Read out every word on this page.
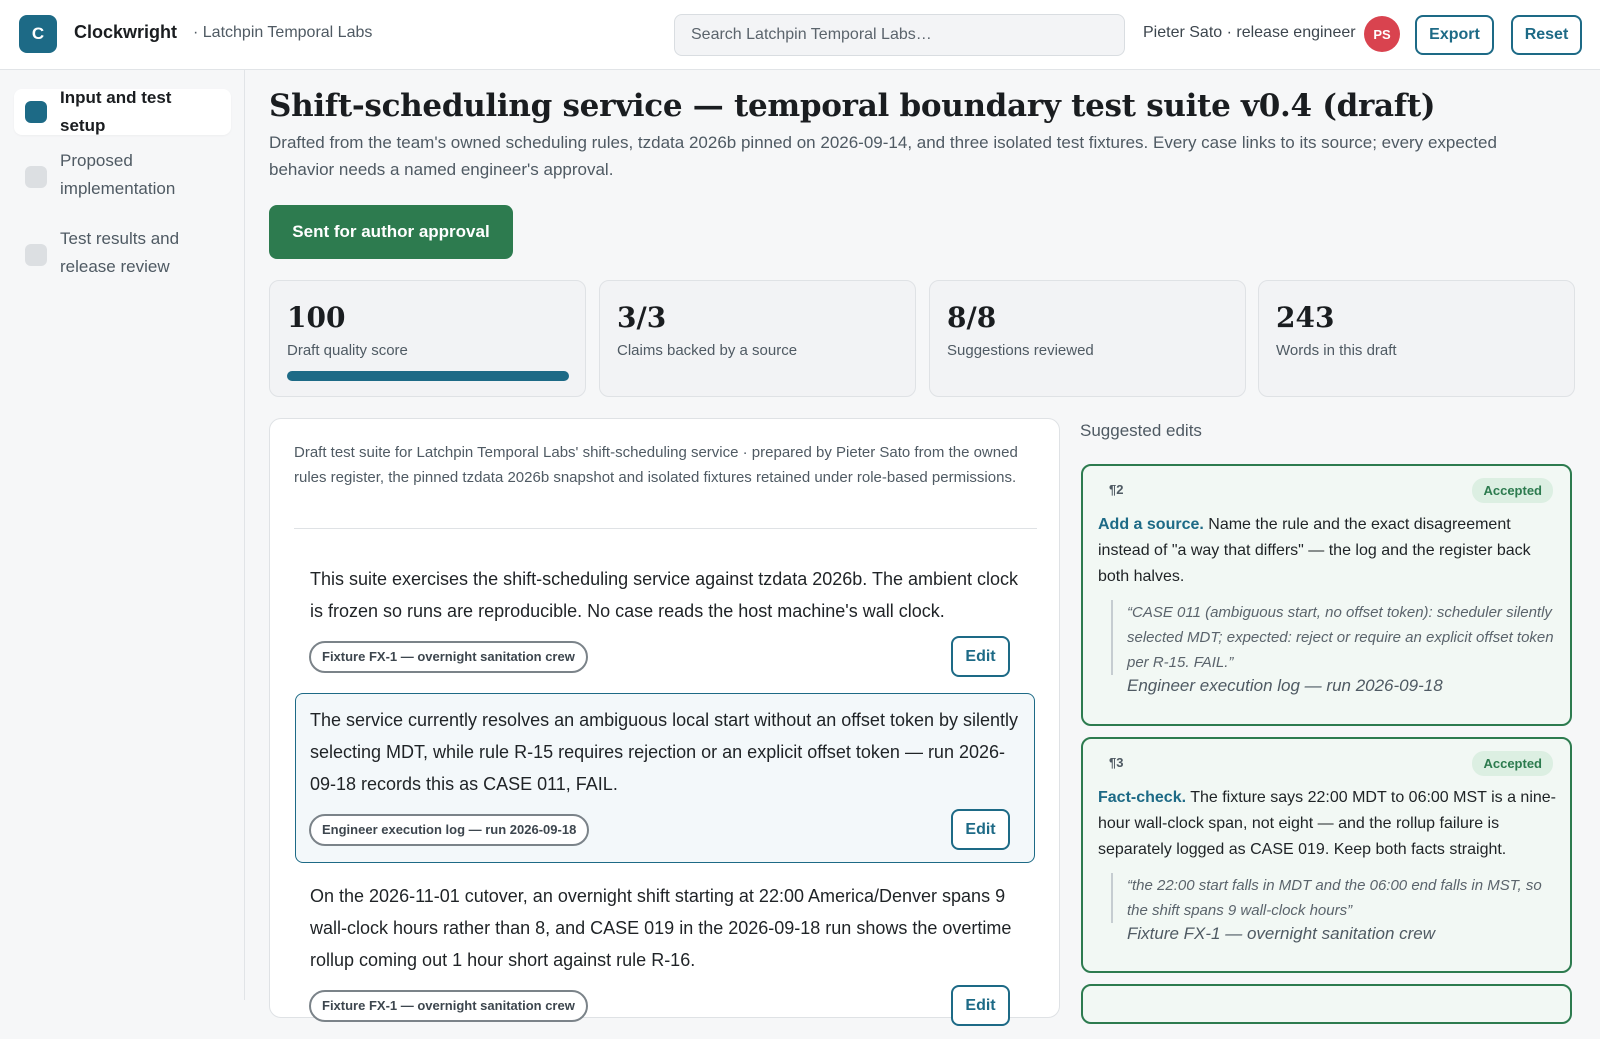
C	Clockwright · Latchpin Temporal Labs
Search Latchpin Temporal Labs…	Pieter Sato · release engineer	PS	Export	Reset
Input and test setup
Proposed implementation
Test results and release review
Shift-scheduling service — temporal boundary test suite v0.4 (draft)
Drafted from the team's owned scheduling rules, tzdata 2026b pinned on 2026-09-14, and three isolated test fixtures. Every case links to its source; every expected behavior needs a named engineer's approval.
Sent for author approval
100
Draft quality score
3/3
Claims backed by a source
8/8
Suggestions reviewed
243
Words in this draft
Draft test suite for Latchpin Temporal Labs' shift-scheduling service · prepared by Pieter Sato from the owned rules register, the pinned tzdata 2026b snapshot and isolated fixtures retained under role-based permissions.
This suite exercises the shift-scheduling service against tzdata 2026b. The ambient clock is frozen so runs are reproducible. No case reads the host machine's wall clock.
Fixture FX-1 — overnight sanitation crew	Edit
The service currently resolves an ambiguous local start without an offset token by silently selecting MDT, while rule R-15 requires rejection or an explicit offset token — run 2026-09-18 records this as CASE 011, FAIL.
Engineer execution log — run 2026-09-18	Edit
On the 2026-11-01 cutover, an overnight shift starting at 22:00 America/Denver spans 9 wall-clock hours rather than 8, and CASE 019 in the 2026-09-18 run shows the overtime rollup coming out 1 hour short against rule R-16.
Fixture FX-1 — overnight sanitation crew	Edit
Suggested edits
¶2	Accepted
Add a source. Name the rule and the exact disagreement instead of "a way that differs" — the log and the register back both halves.
“CASE 011 (ambiguous start, no offset token): scheduler silently selected MDT; expected: reject or require an explicit offset token per R-15. FAIL.”
Engineer execution log — run 2026-09-18
¶3	Accepted
Fact-check. The fixture says 22:00 MDT to 06:00 MST is a nine-hour wall-clock span, not eight — and the rollup failure is separately logged as CASE 019. Keep both facts straight.
“the 22:00 start falls in MDT and the 06:00 end falls in MST, so the shift spans 9 wall-clock hours”
Fixture FX-1 — overnight sanitation crew
